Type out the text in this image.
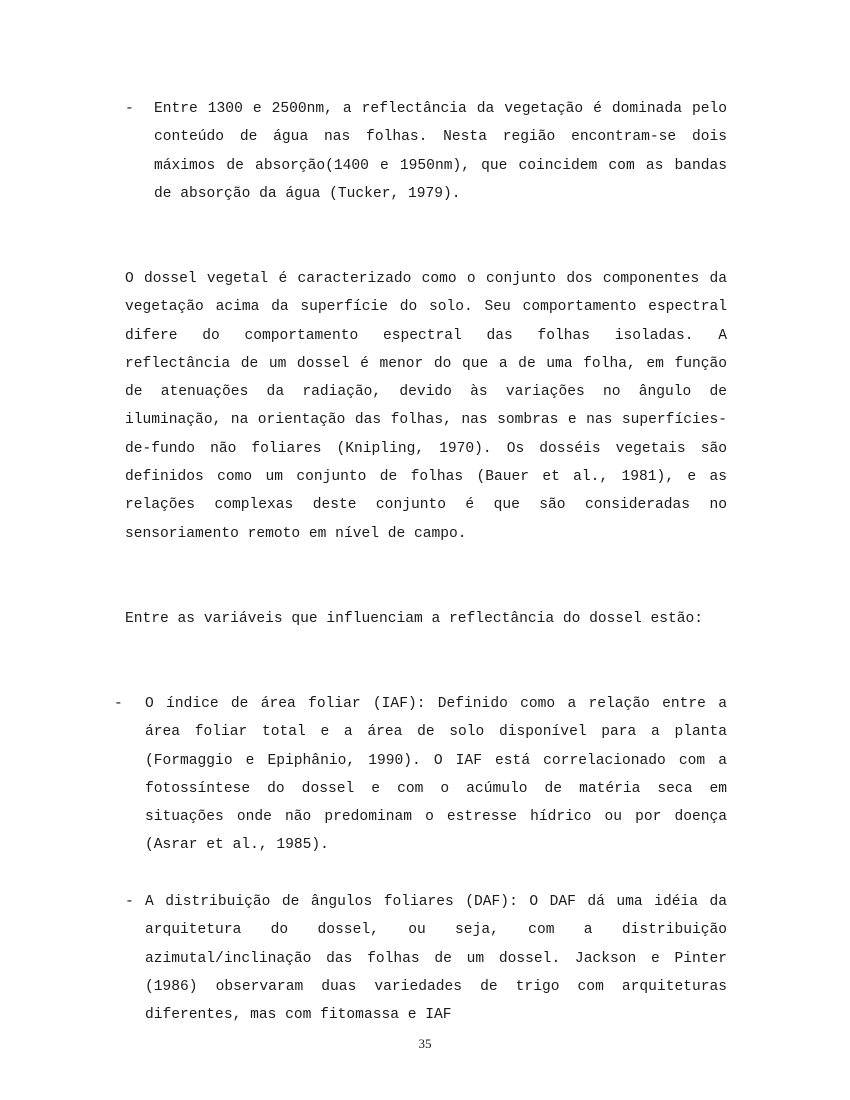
-	Entre 1300 e 2500nm, a reflectância da vegetação é dominada pelo conteúdo de água nas folhas. Nesta região encontram-se dois máximos de absorção(1400 e 1950nm), que coincidem com as bandas de absorção da água (Tucker, 1979).
O dossel vegetal é caracterizado como o conjunto dos componentes da vegetação acima da superfície do solo. Seu comportamento espectral difere do comportamento espectral das folhas isoladas. A reflectância de um dossel é menor do que a de uma folha, em função de atenuações da radiação, devido às variações no ângulo de iluminação, na orientação das folhas, nas sombras e nas superfícies-de-fundo não foliares (Knipling, 1970). Os dosséis vegetais são definidos como um conjunto de folhas (Bauer et al., 1981), e as relações complexas deste conjunto é que são consideradas no sensoriamento remoto em nível de campo.
Entre as variáveis que influenciam a reflectância do dossel estão:
-	O índice de área foliar (IAF): Definido como a relação entre a área foliar total e a área de solo disponível para a planta (Formaggio e Epiphânio, 1990). O IAF está correlacionado com a fotossíntese do dossel e com o acúmulo de matéria seca em situações onde não predominam o estresse hídrico ou por doença (Asrar et al., 1985).
- A distribuição de ângulos foliares (DAF): O DAF dá uma idéia da arquitetura do dossel, ou seja, com a distribuição azimutal/inclinação das folhas de um dossel. Jackson e Pinter (1986) observaram duas variedades de trigo com arquiteturas diferentes, mas com fitomassa e IAF
35
